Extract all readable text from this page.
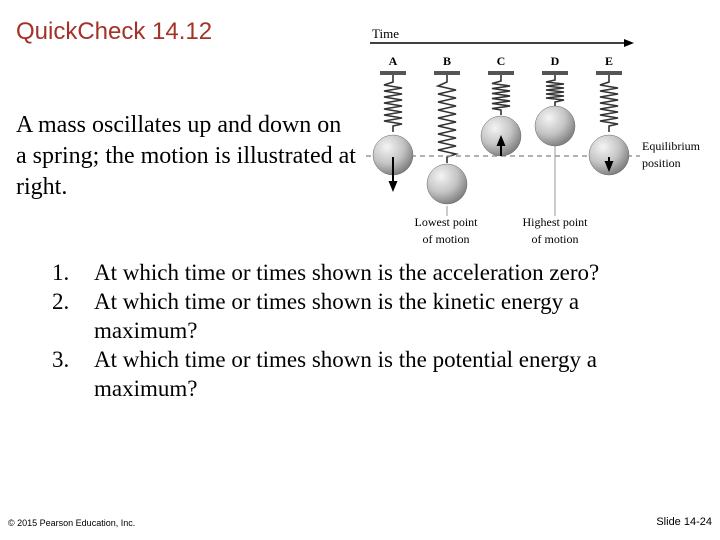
QuickCheck 14.12
A mass oscillates up and down on a spring; the motion is illustrated at right.
Time
A	B	C	D	E
Equilibrium
position
Lowest point
of motion
Highest point
of motion
1. At which time or times shown is the acceleration zero?
2. At which time or times shown is the kinetic energy a maximum?
3. At which time or times shown is the potential energy a maximum?
© 2015 Pearson Education, Inc.	Slide 14-24
